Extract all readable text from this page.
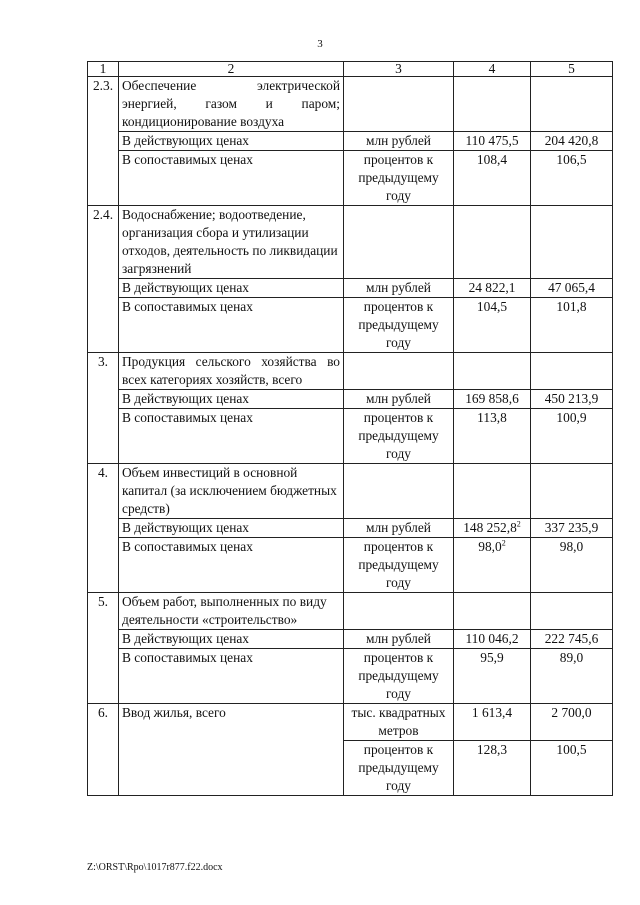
3
1	2	3	4	5
2.3.	Обеспечение электрической энергией, газом и паром; кондиционирование воздуха			
	В действующих ценах	млн рублей	110 475,5	204 420,8
	В сопоставимых ценах	процентов к предыдущему году	108,4	106,5
2.4.	Водоснабжение; водоотведение, организация сбора и утилизации отходов, деятельность по ликвидации загрязнений			
	В действующих ценах	млн рублей	24 822,1	47 065,4
	В сопоставимых ценах	процентов к предыдущему году	104,5	101,8
3.	Продукция сельского хозяйства во всех категориях хозяйств, всего			
	В действующих ценах	млн рублей	169 858,6	450 213,9
	В сопоставимых ценах	процентов к предыдущему году	113,8	100,9
4.	Объем инвестиций в основной капитал (за исключением бюджетных средств)			
	В действующих ценах	млн рублей	148 252,8$^2$	337 235,9
	В сопоставимых ценах	процентов к предыдущему году	98,0$^2$	98,0
5.	Объем работ, выполненных по виду деятельности «строительство»			
	В действующих ценах	млн рублей	110 046,2	222 745,6
	В сопоставимых ценах	процентов к предыдущему году	95,9	89,0
6.	Ввод жилья, всего	тыс. квадратных метров	1 613,4	2 700,0
		процентов к предыдущему году	128,3	100,5
Z:\ORST\Rpo\1017r877.f22.docx
